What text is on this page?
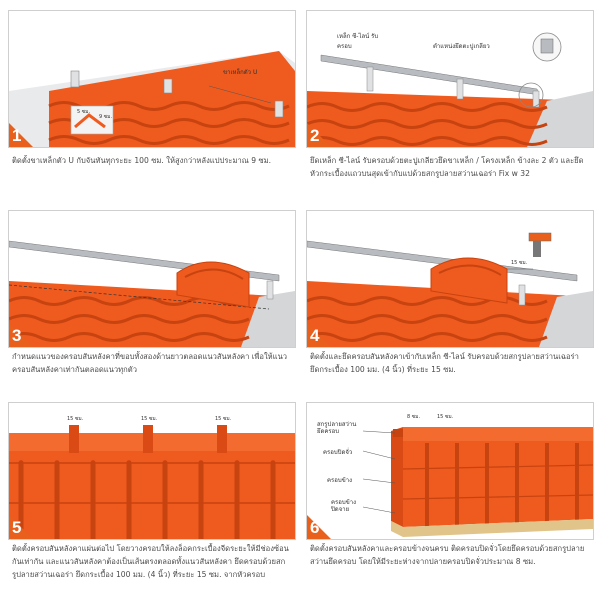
ขาเหล็กตัว U
5 ซม.
9 ซม.
1
ติดตั้งขาเหล็กตัว U กับจันทันทุกระยะ 100 ซม. ให้สูงกว่าหลังแปประมาณ 9 ซม.
เหล็ก ซี-ไลน์ รับครอบ	ตำแหน่งยึดตะปูเกลียว
2
ยึดเหล็ก ซี-ไลน์ รับครอบด้วยตะปูเกลียวยึดขาเหล็ก / โครงเหล็ก ข้างละ 2 ตัว และยึดหัวกระเบื้องแถวบนสุดเข้ากับแปด้วยสกรูปลายสว่านเฉอร่า Fix w 32
3
กำหนดแนวของครอบสันหลังคาที่ขอบทั้งสองด้านยาวตลอดแนวสันหลังคา เพื่อให้แนวครอบสันหลังคาเท่ากันตลอดแนวทุกตัว
15 ซม.
4
ติดตั้งและยึดครอบสันหลังคาเข้ากับเหล็ก ซี-ไลน์ รับครอบด้วยสกรูปลายสว่านเฉอร่า ยึดกระเบื้อง 100 มม. (4 นิ้ว) ที่ระยะ 15 ซม.
15 ซม.	15 ซม.	15 ซม.
5
ติดตั้งครอบสันหลังคาแผ่นต่อไป โดยวางครอบให้ลงล็อคกระเบื้องจีดระยะให้มีช่องซ้อนกันเท่ากัน และแนวสันหลังคาต้องเป็นเส้นตรงตลอดทั้งแนวสันหลังคา ยึดครอบด้วยสกรูปลายสว่านเฉอร่า ยึดกระเบื้อง 100 มม. (4 นิ้ว) ที่ระยะ 15 ซม. จากหัวครอบ
สกรูปลายสว่าน ยึดครอบ
ครอบปิดจั่ว
ครอบข้าง
ครอบข้าง ปิดจาย
8 ซม.	15 ซม.
6
ติดตั้งครอบสันหลังคาและครอบข้างจนครบ ติดครอบปิดจั่วโดยยึดครอบด้วยสกรูปลายสว่านยึดครอบ โดยให้มีระยะห่างจากปลายครอบปิดจั่วประมาณ 8 ซม.
